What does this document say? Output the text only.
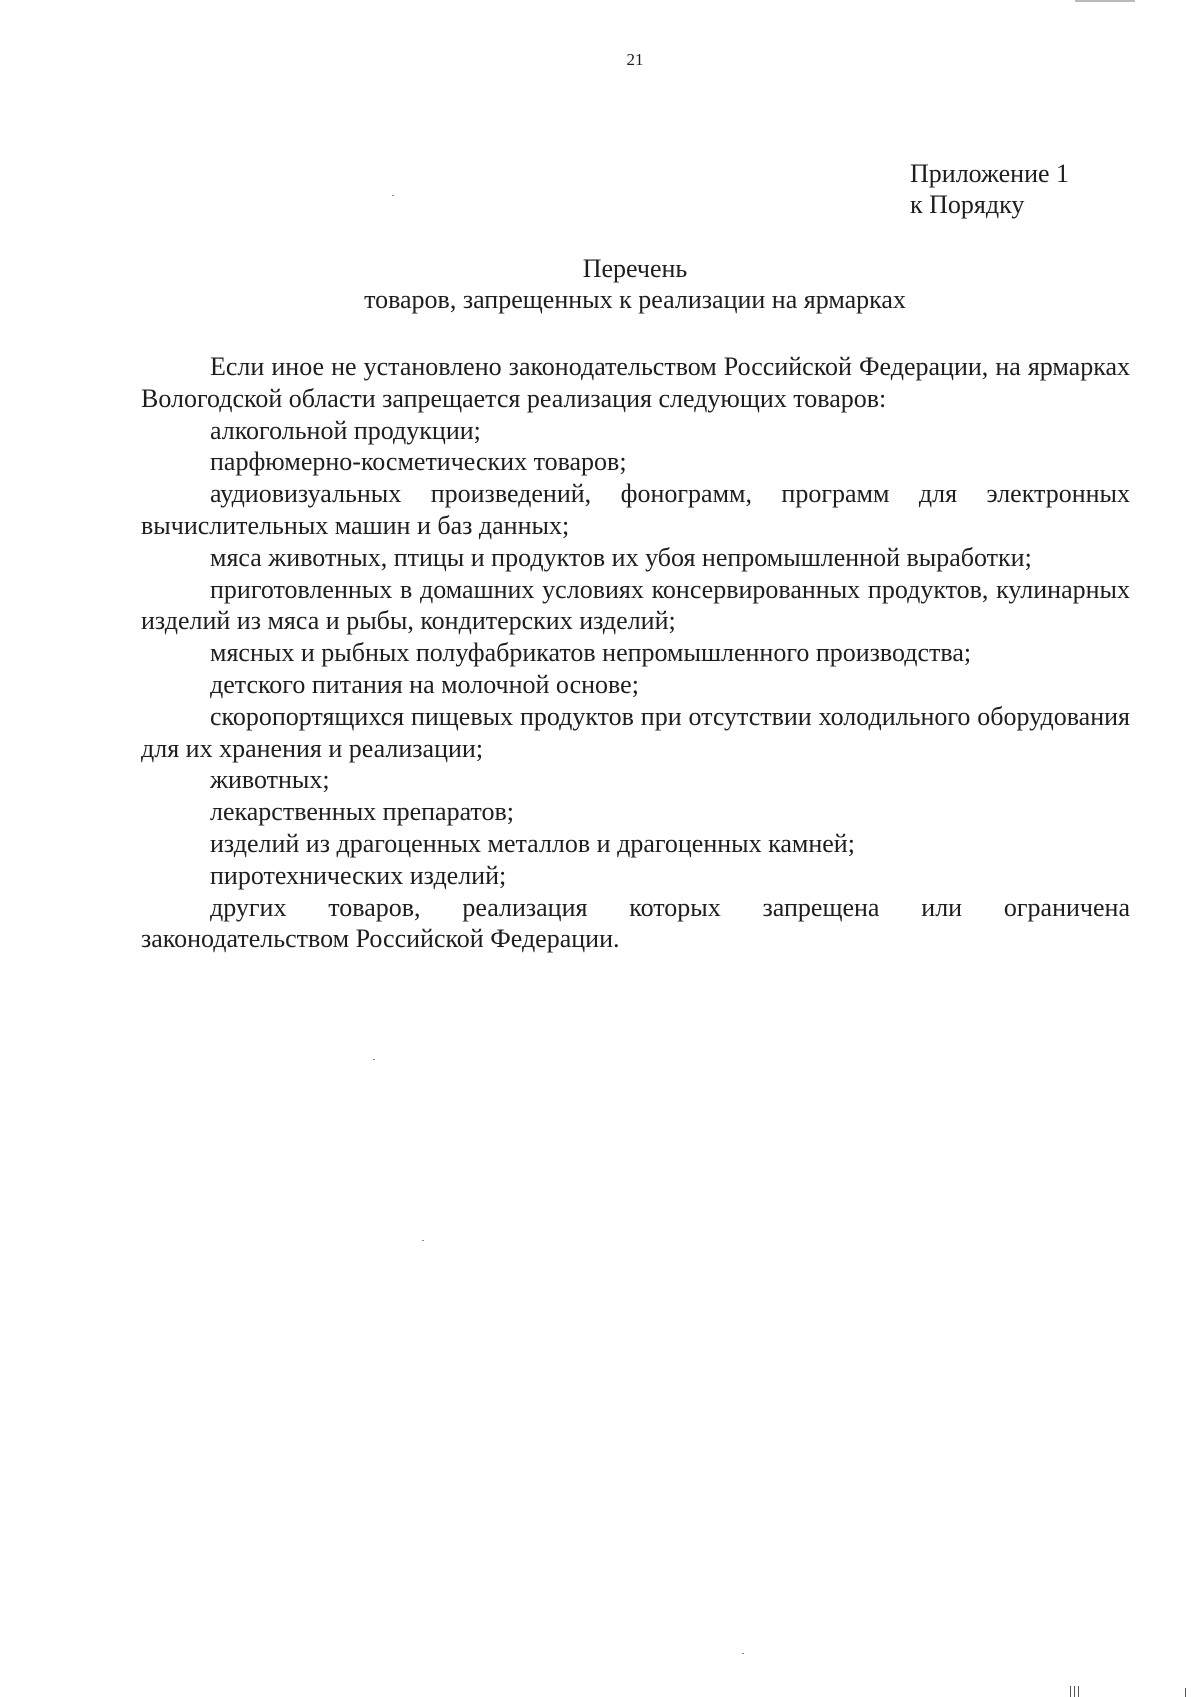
21
Приложение 1
к Порядку
Перечень
товаров, запрещенных к реализации на ярмарках

Если иное не установлено законодательством Российской Федерации, на ярмарках Вологодской области запрещается реализация следующих товаров:

алкогольной продукции;

парфюмерно-косметических товаров;

аудиовизуальных произведений, фонограмм, программ для электронных вычислительных машин и баз данных;

мяса животных, птицы и продуктов их убоя непромышленной выработки;

приготовленных в домашних условиях консервированных продуктов, кулинарных изделий из мяса и рыбы, кондитерских изделий;

мясных и рыбных полуфабрикатов непромышленного производства;

детского питания на молочной основе;

скоропортящихся пищевых продуктов при отсутствии холодильного оборудования для их хранения и реализации;

животных;

лекарственных препаратов;

изделий из драгоценных металлов и драгоценных камней;

пиротехнических изделий;

других товаров, реализация которых запрещена или ограничена законодательством Российской Федерации.
